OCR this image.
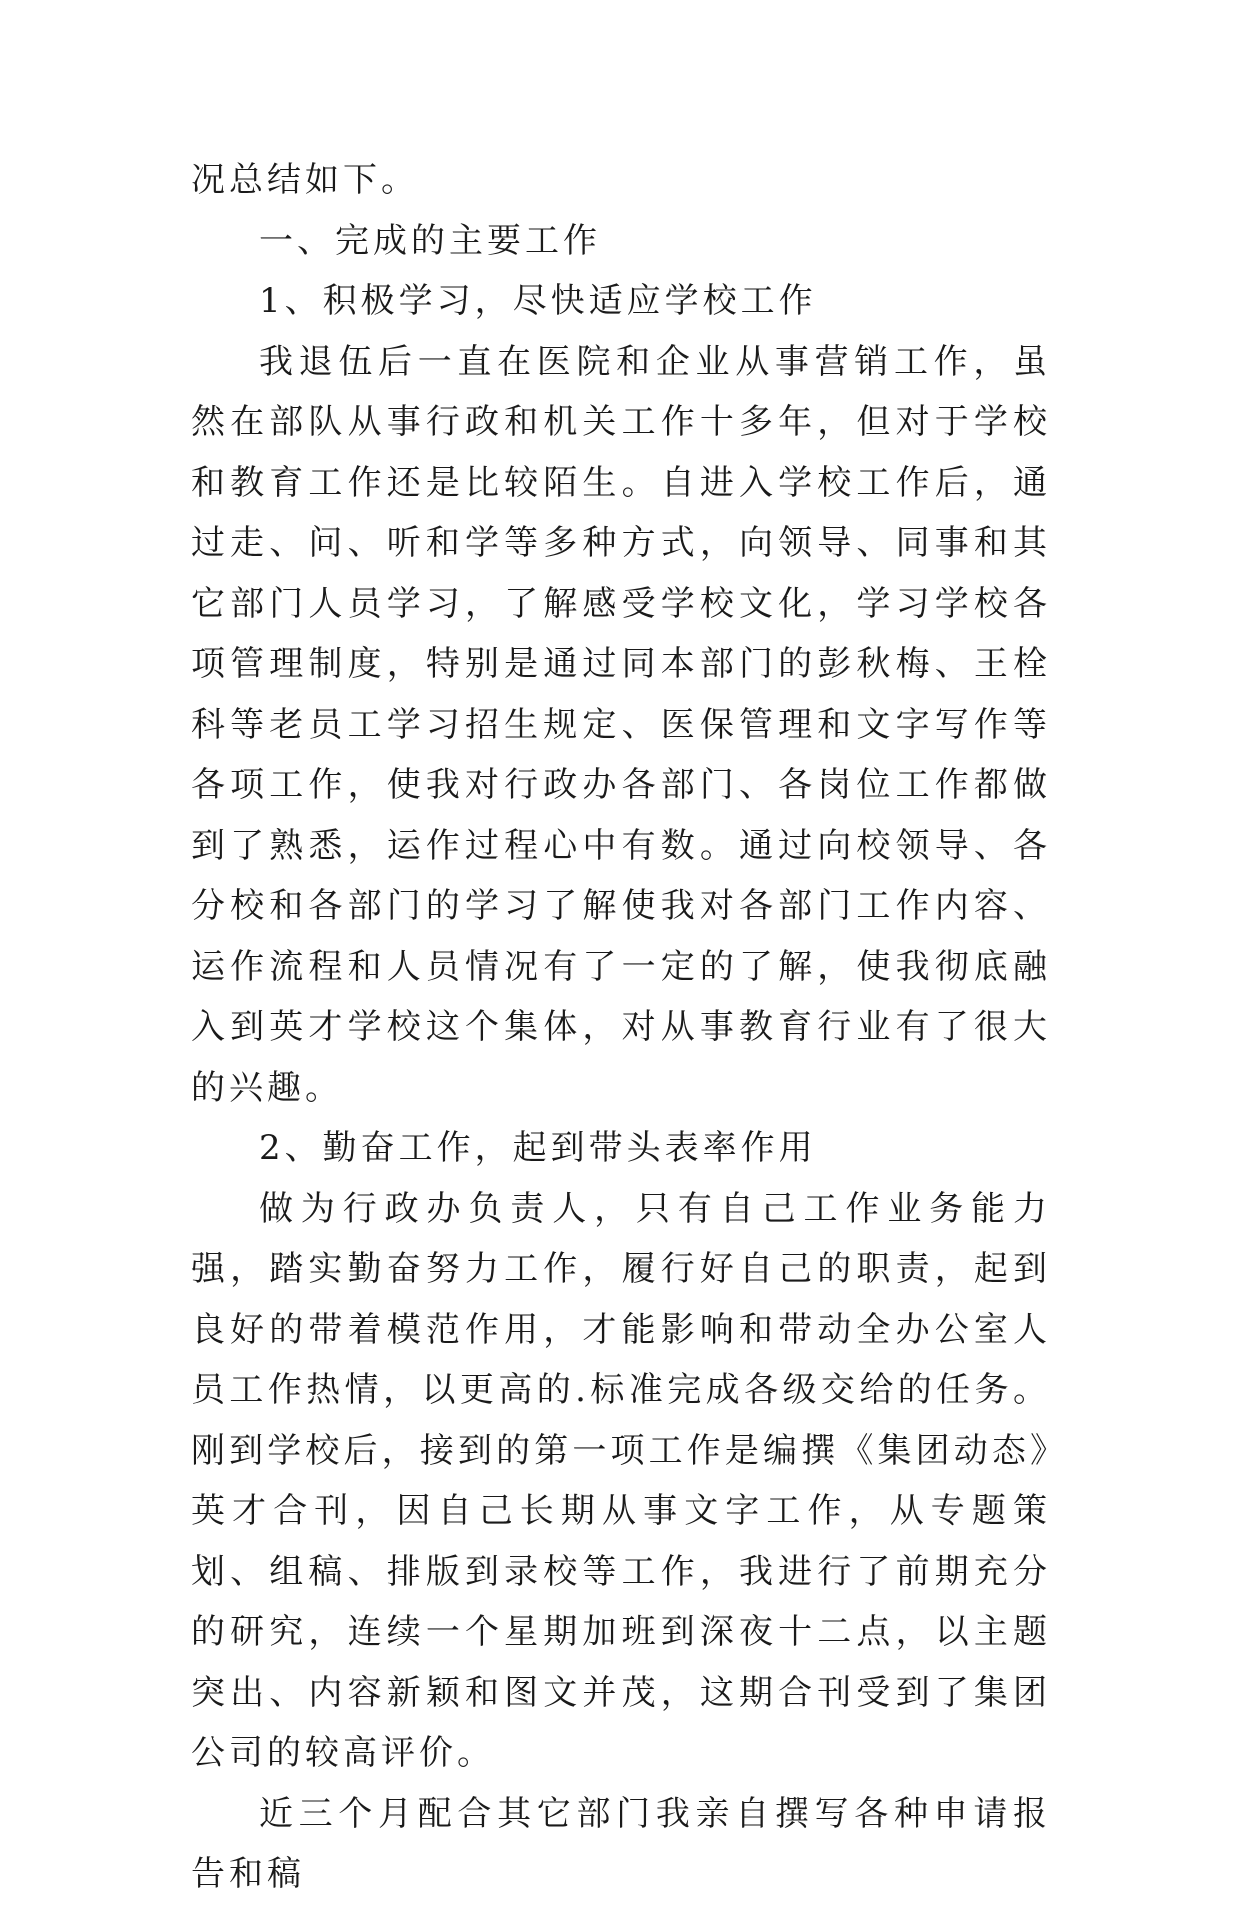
况总结如下。

一、完成的主要工作

1、积极学习，尽快适应学校工作

我退伍后一直在医院和企业从事营销工作，虽然在部队从事行政和机关工作十多年，但对于学校和教育工作还是比较陌生。自进入学校工作后，通过走、问、听和学等多种方式，向领导、同事和其它部门人员学习，了解感受学校文化，学习学校各项管理制度，特别是通过同本部门的彭秋梅、王栓科等老员工学习招生规定、医保管理和文字写作等各项工作，使我对行政办各部门、各岗位工作都做到了熟悉，运作过程心中有数。通过向校领导、各分校和各部门的学习了解使我对各部门工作内容、运作流程和人员情况有了一定的了解，使我彻底融入到英才学校这个集体，对从事教育行业有了很大的兴趣。

2、勤奋工作，起到带头表率作用

做为行政办负责人，只有自己工作业务能力强，踏实勤奋努力工作，履行好自己的职责，起到良好的带着模范作用，才能影响和带动全办公室人员工作热情，以更高的.标准完成各级交给的任务。刚到学校后，接到的第一项工作是编撰《集团动态》英才合刊，因自己长期从事文字工作，从专题策划、组稿、排版到录校等工作，我进行了前期充分的研究，连续一个星期加班到深夜十二点，以主题突出、内容新颖和图文并茂，这期合刊受到了集团公司的较高评价。

近三个月配合其它部门我亲自撰写各种申请报告和稿
